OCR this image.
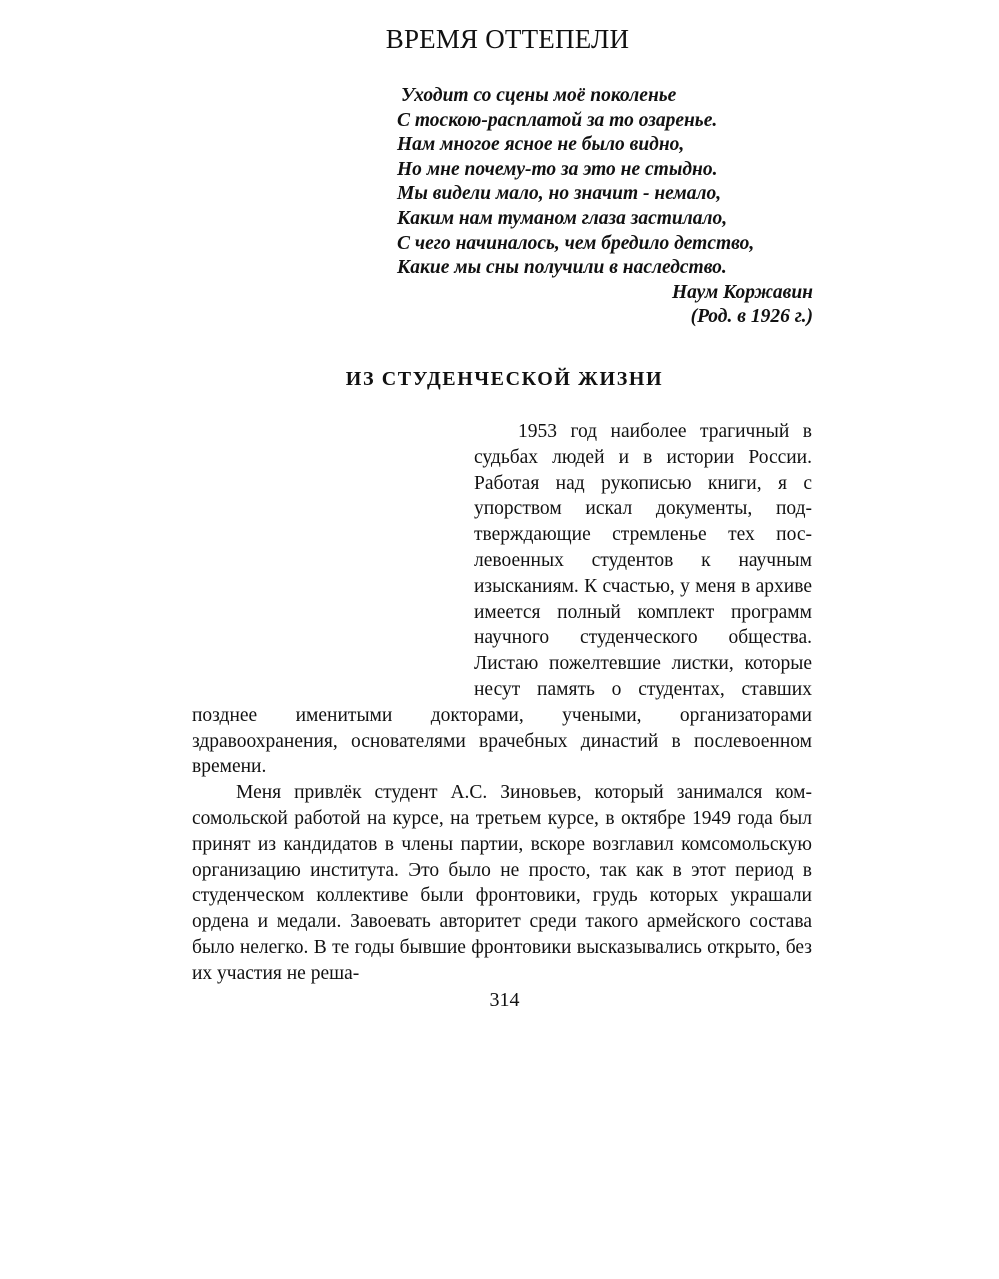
ВРЕМЯ ОТТЕПЕЛИ
Уходит со сцены моё поколенье
С тоскою-расплатой за то озаренье.
Нам многое ясное не было видно,
Но мне почему-то за это не стыдно.
Мы видели мало, но значит - немало,
Каким нам туманом глаза застилало,
С чего начиналось, чем бредило детство,
Какие мы сны получили в наследство.
Наум Коржавин
(Род. в 1926 г.)
ИЗ СТУДЕНЧЕСКОЙ ЖИЗНИ

1953 год наиболее трагичный в судьбах людей и в истории России. Работая над рукописью книги, я с упорством искал документы, подтверждающие стремленье тех послевоенных студентов к научным изысканиям. К счастью, у меня в архиве имеется полный комплект программ научного студенческого общества. Листаю пожелтевшие листки, которые несут память о студентах, ставших позднее именитыми докторами, учеными, организаторами здравоохранения, основателями врачебных династий в послевоенном времени.

Меня привлёк студент А.С. Зиновьев, который занимался комсомольской работой на курсе, на третьем курсе, в октябре 1949 года был принят из кандидатов в члены партии, вскоре возглавил комсомольскую организацию института. Это было не просто, так как в этот период в студенческом коллективе были фронтовики, грудь которых украшали ордена и медали. Завоевать авторитет среди такого армейского состава было нелегко. В те годы бывшие фронтовики высказывались открыто, без их участия не реша-

314
